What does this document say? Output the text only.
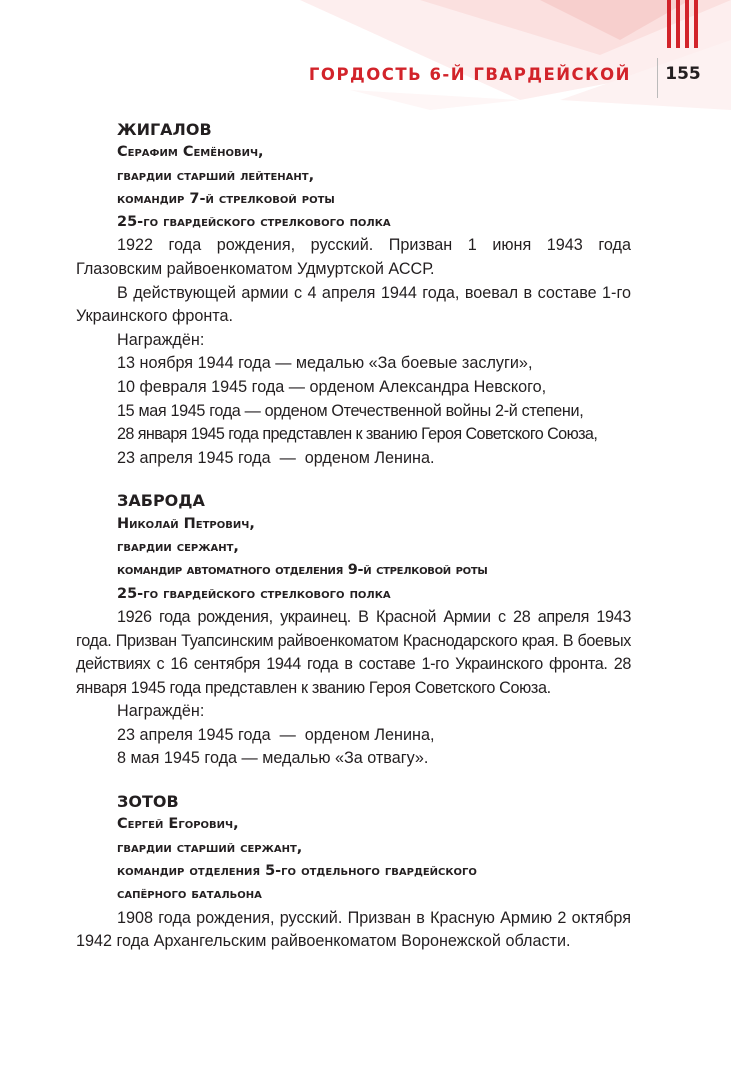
ГОРДОСТЬ 6-Й ГВАРДЕЙСКОЙ	155
ЖИГАЛОВ
Серафим Семёнович,
гвардии старший лейтенант,
командир 7-й стрелковой роты
25-го гвардейского стрелкового полка

1922 года рождения, русский. Призван 1 июня 1943 года Глазовским райвоенкоматом Удмуртской АССР.

В действующей армии с 4 апреля 1944 года, воевал в составе 1-го Украинского фронта.

Награждён:
13 ноября 1944 года — медалью «За боевые заслуги»,
10 февраля 1945 года — орденом Александра Невского,
15 мая 1945 года — орденом Отечественной войны 2-й степени,
28 января 1945 года представлен к званию Героя Советского Союза,
23 апреля 1945 года  —  орденом Ленина.
ЗАБРОДА
Николай Петрович,
гвардии сержант,
командир автоматного отделения 9-й стрелковой роты
25-го гвардейского стрелкового полка

1926 года рождения, украинец. В Красной Армии с 28 апреля 1943 года. Призван Туапсинским райвоенкоматом Краснодарского края. В боевых действиях с 16 сентября 1944 года в составе 1-го Украинского фронта. 28 января 1945 года представлен к званию Героя Советского Союза.

Награждён:
23 апреля 1945 года  —  орденом Ленина,
8 мая 1945 года — медалью «За отвагу».
ЗОТОВ
Сергей Егорович,
гвардии старший сержант,
командир отделения 5-го отдельного гвардейского
сапёрного батальона

1908 года рождения, русский. Призван в Красную Армию 2 октября 1942 года Архангельским райвоенкоматом Воронежской области.
